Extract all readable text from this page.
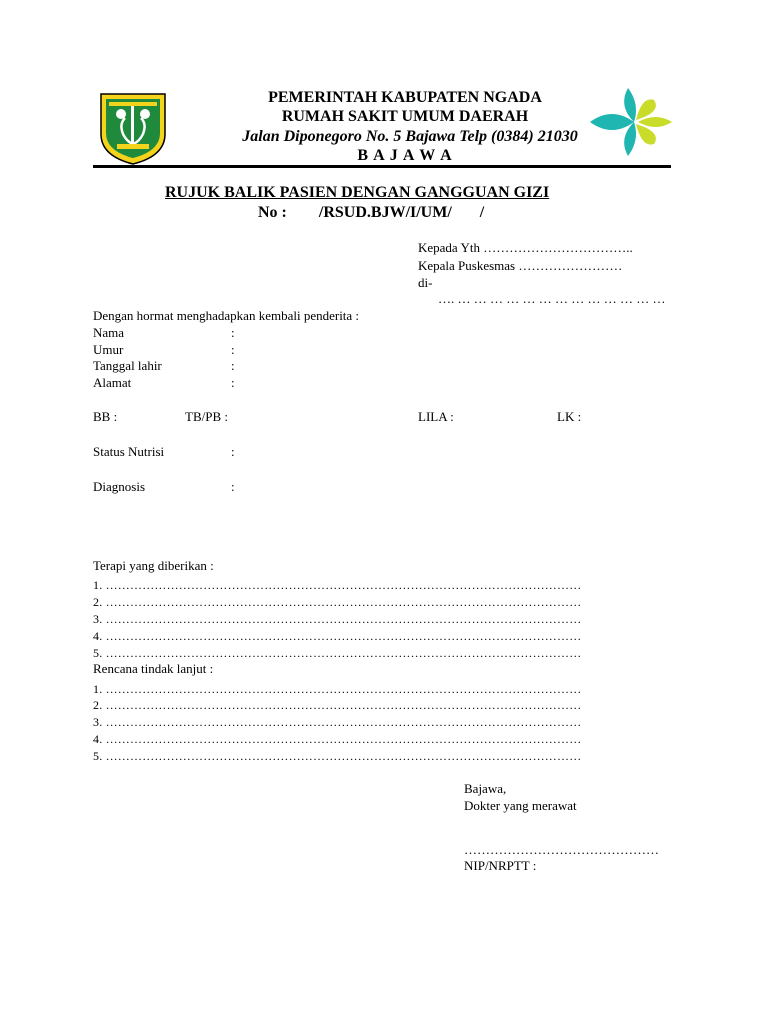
PEMERINTAH KABUPATEN NGADA
RUMAH SAKIT UMUM DAERAH
Jalan Diponegoro No. 5 Bajawa Telp (0384) 21030
B A J A W A
RUJUK BALIK PASIEN DENGAN GANGGUAN GIZI
No :        /RSUD.BJW/I/UM/       /
Kepada Yth ……………………………..
Kepala Puskesmas ……………………
di-
…. … … … … … … … … … … … … …
Dengan hormat menghadapkan kembali penderita :
Nama	:
Umur	:
Tanggal lahir	:
Alamat	:
BB :	TB/PB :	LILA :	LK :
Status Nutrisi	:
Diagnosis	:
Terapi yang diberikan :
1. ………………………………………………………………………………………………………
2. ………………………………………………………………………………………………………
3. ………………………………………………………………………………………………………
4. ………………………………………………………………………………………………………
5. ………………………………………………………………………………………………………
Rencana tindak lanjut :
1. ………………………………………………………………………………………………………
2. ………………………………………………………………………………………………………
3. ………………………………………………………………………………………………………
4. ………………………………………………………………………………………………………
5. ………………………………………………………………………………………………………
Bajawa,
Dokter yang merawat
………………………………………
NIP/NRPTT :
